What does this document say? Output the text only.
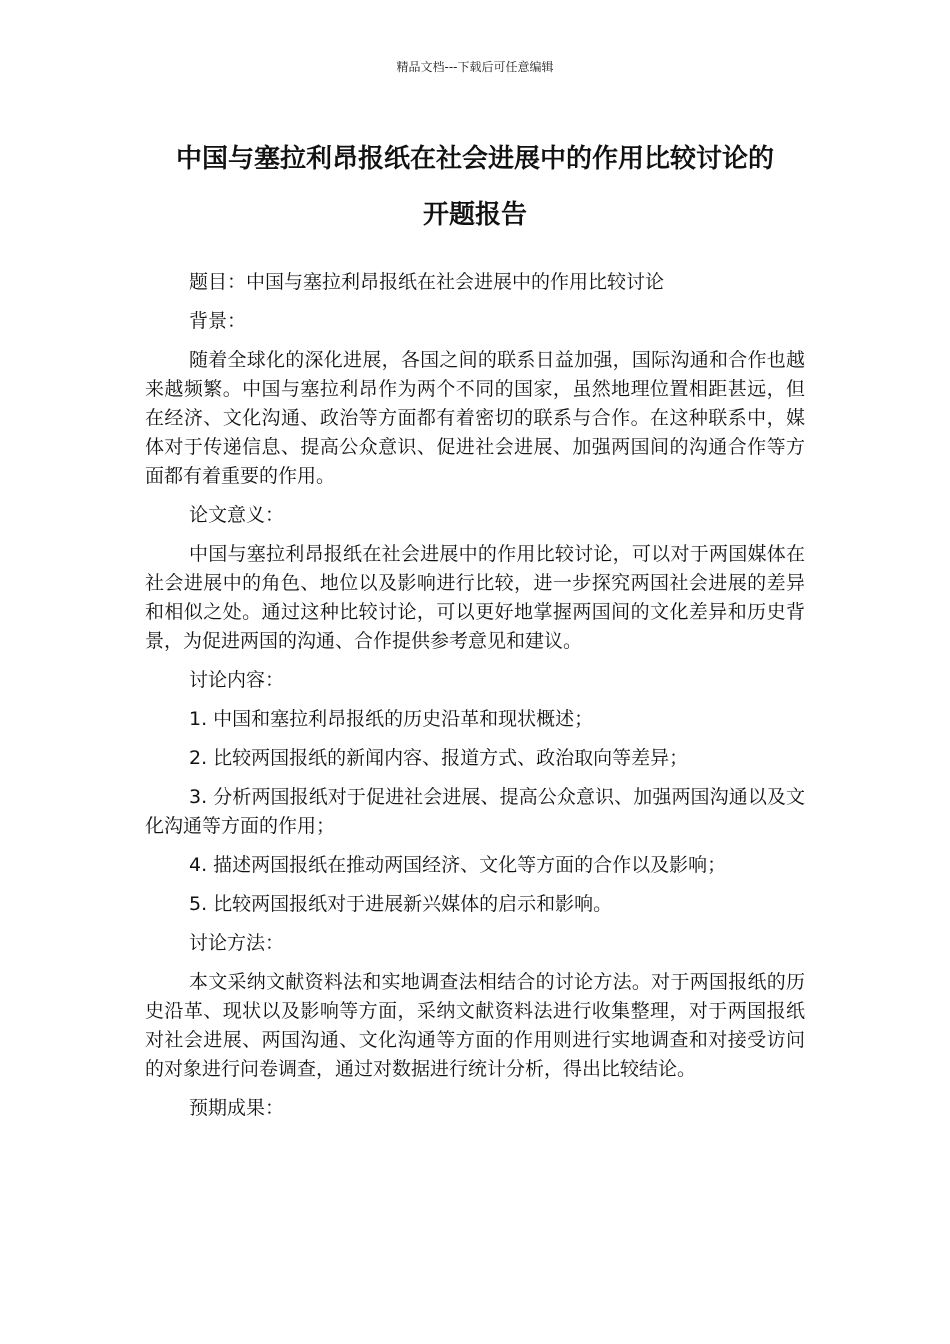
精品文档---下载后可任意编辑
中国与塞拉利昂报纸在社会进展中的作用比较讨论的
开题报告

题目：中国与塞拉利昂报纸在社会进展中的作用比较讨论

背景：

随着全球化的深化进展，各国之间的联系日益加强，国际沟通和合作也越来越频繁。中国与塞拉利昂作为两个不同的国家，虽然地理位置相距甚远，但在经济、文化沟通、政治等方面都有着密切的联系与合作。在这种联系中，媒体对于传递信息、提高公众意识、促进社会进展、加强两国间的沟通合作等方面都有着重要的作用。

论文意义：

中国与塞拉利昂报纸在社会进展中的作用比较讨论，可以对于两国媒体在社会进展中的角色、地位以及影响进行比较，进一步探究两国社会进展的差异和相似之处。通过这种比较讨论，可以更好地掌握两国间的文化差异和历史背景，为促进两国的沟通、合作提供参考意见和建议。

讨论内容：

1. 中国和塞拉利昂报纸的历史沿革和现状概述；

2. 比较两国报纸的新闻内容、报道方式、政治取向等差异；

3. 分析两国报纸对于促进社会进展、提高公众意识、加强两国沟通以及文化沟通等方面的作用；

4. 描述两国报纸在推动两国经济、文化等方面的合作以及影响；

5. 比较两国报纸对于进展新兴媒体的启示和影响。

讨论方法：

本文采纳文献资料法和实地调查法相结合的讨论方法。对于两国报纸的历史沿革、现状以及影响等方面，采纳文献资料法进行收集整理，对于两国报纸对社会进展、两国沟通、文化沟通等方面的作用则进行实地调查和对接受访问的对象进行问卷调查，通过对数据进行统计分析，得出比较结论。

预期成果：
